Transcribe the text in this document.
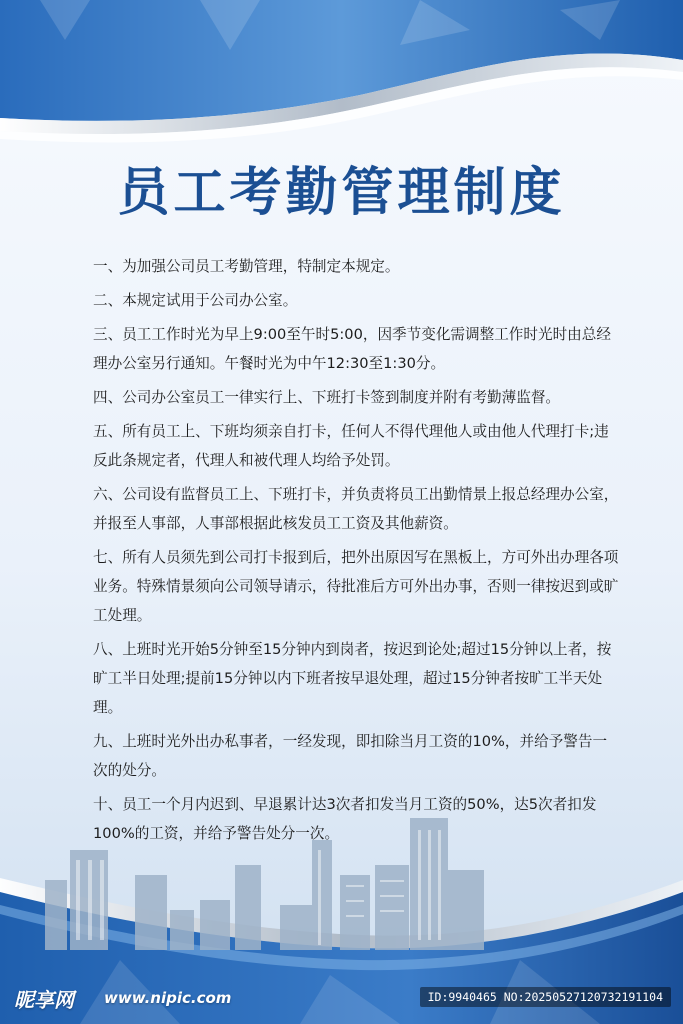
员工考勤管理制度
一、为加强公司员工考勤管理，特制定本规定。
二、本规定试用于公司办公室。
三、员工工作时光为早上9:00至午时5:00，因季节变化需调整工作时光时由总经理办公室另行通知。午餐时光为中午12:30至1:30分。
四、公司办公室员工一律实行上、下班打卡签到制度并附有考勤薄监督。
五、所有员工上、下班均须亲自打卡，任何人不得代理他人或由他人代理打卡;违反此条规定者，代理人和被代理人均给予处罚。
六、公司设有监督员工上、下班打卡，并负责将员工出勤情景上报总经理办公室，并报至人事部，人事部根据此核发员工工资及其他薪资。
七、所有人员须先到公司打卡报到后，把外出原因写在黑板上，方可外出办理各项业务。特殊情景须向公司领导请示，待批准后方可外出办事，否则一律按迟到或旷工处理。
八、上班时光开始5分钟至15分钟内到岗者，按迟到论处;超过15分钟以上者，按旷工半日处理;提前15分钟以内下班者按早退处理，超过15分钟者按旷工半天处理。
九、上班时光外出办私事者，一经发现，即扣除当月工资的10%，并给予警告一次的处分。
十、员工一个月内迟到、早退累计达3次者扣发当月工资的50%，达5次者扣发100%的工资，并给予警告处分一次。
昵享网 www.nipic.com	ID:9940465 NO:20250527120732191104
